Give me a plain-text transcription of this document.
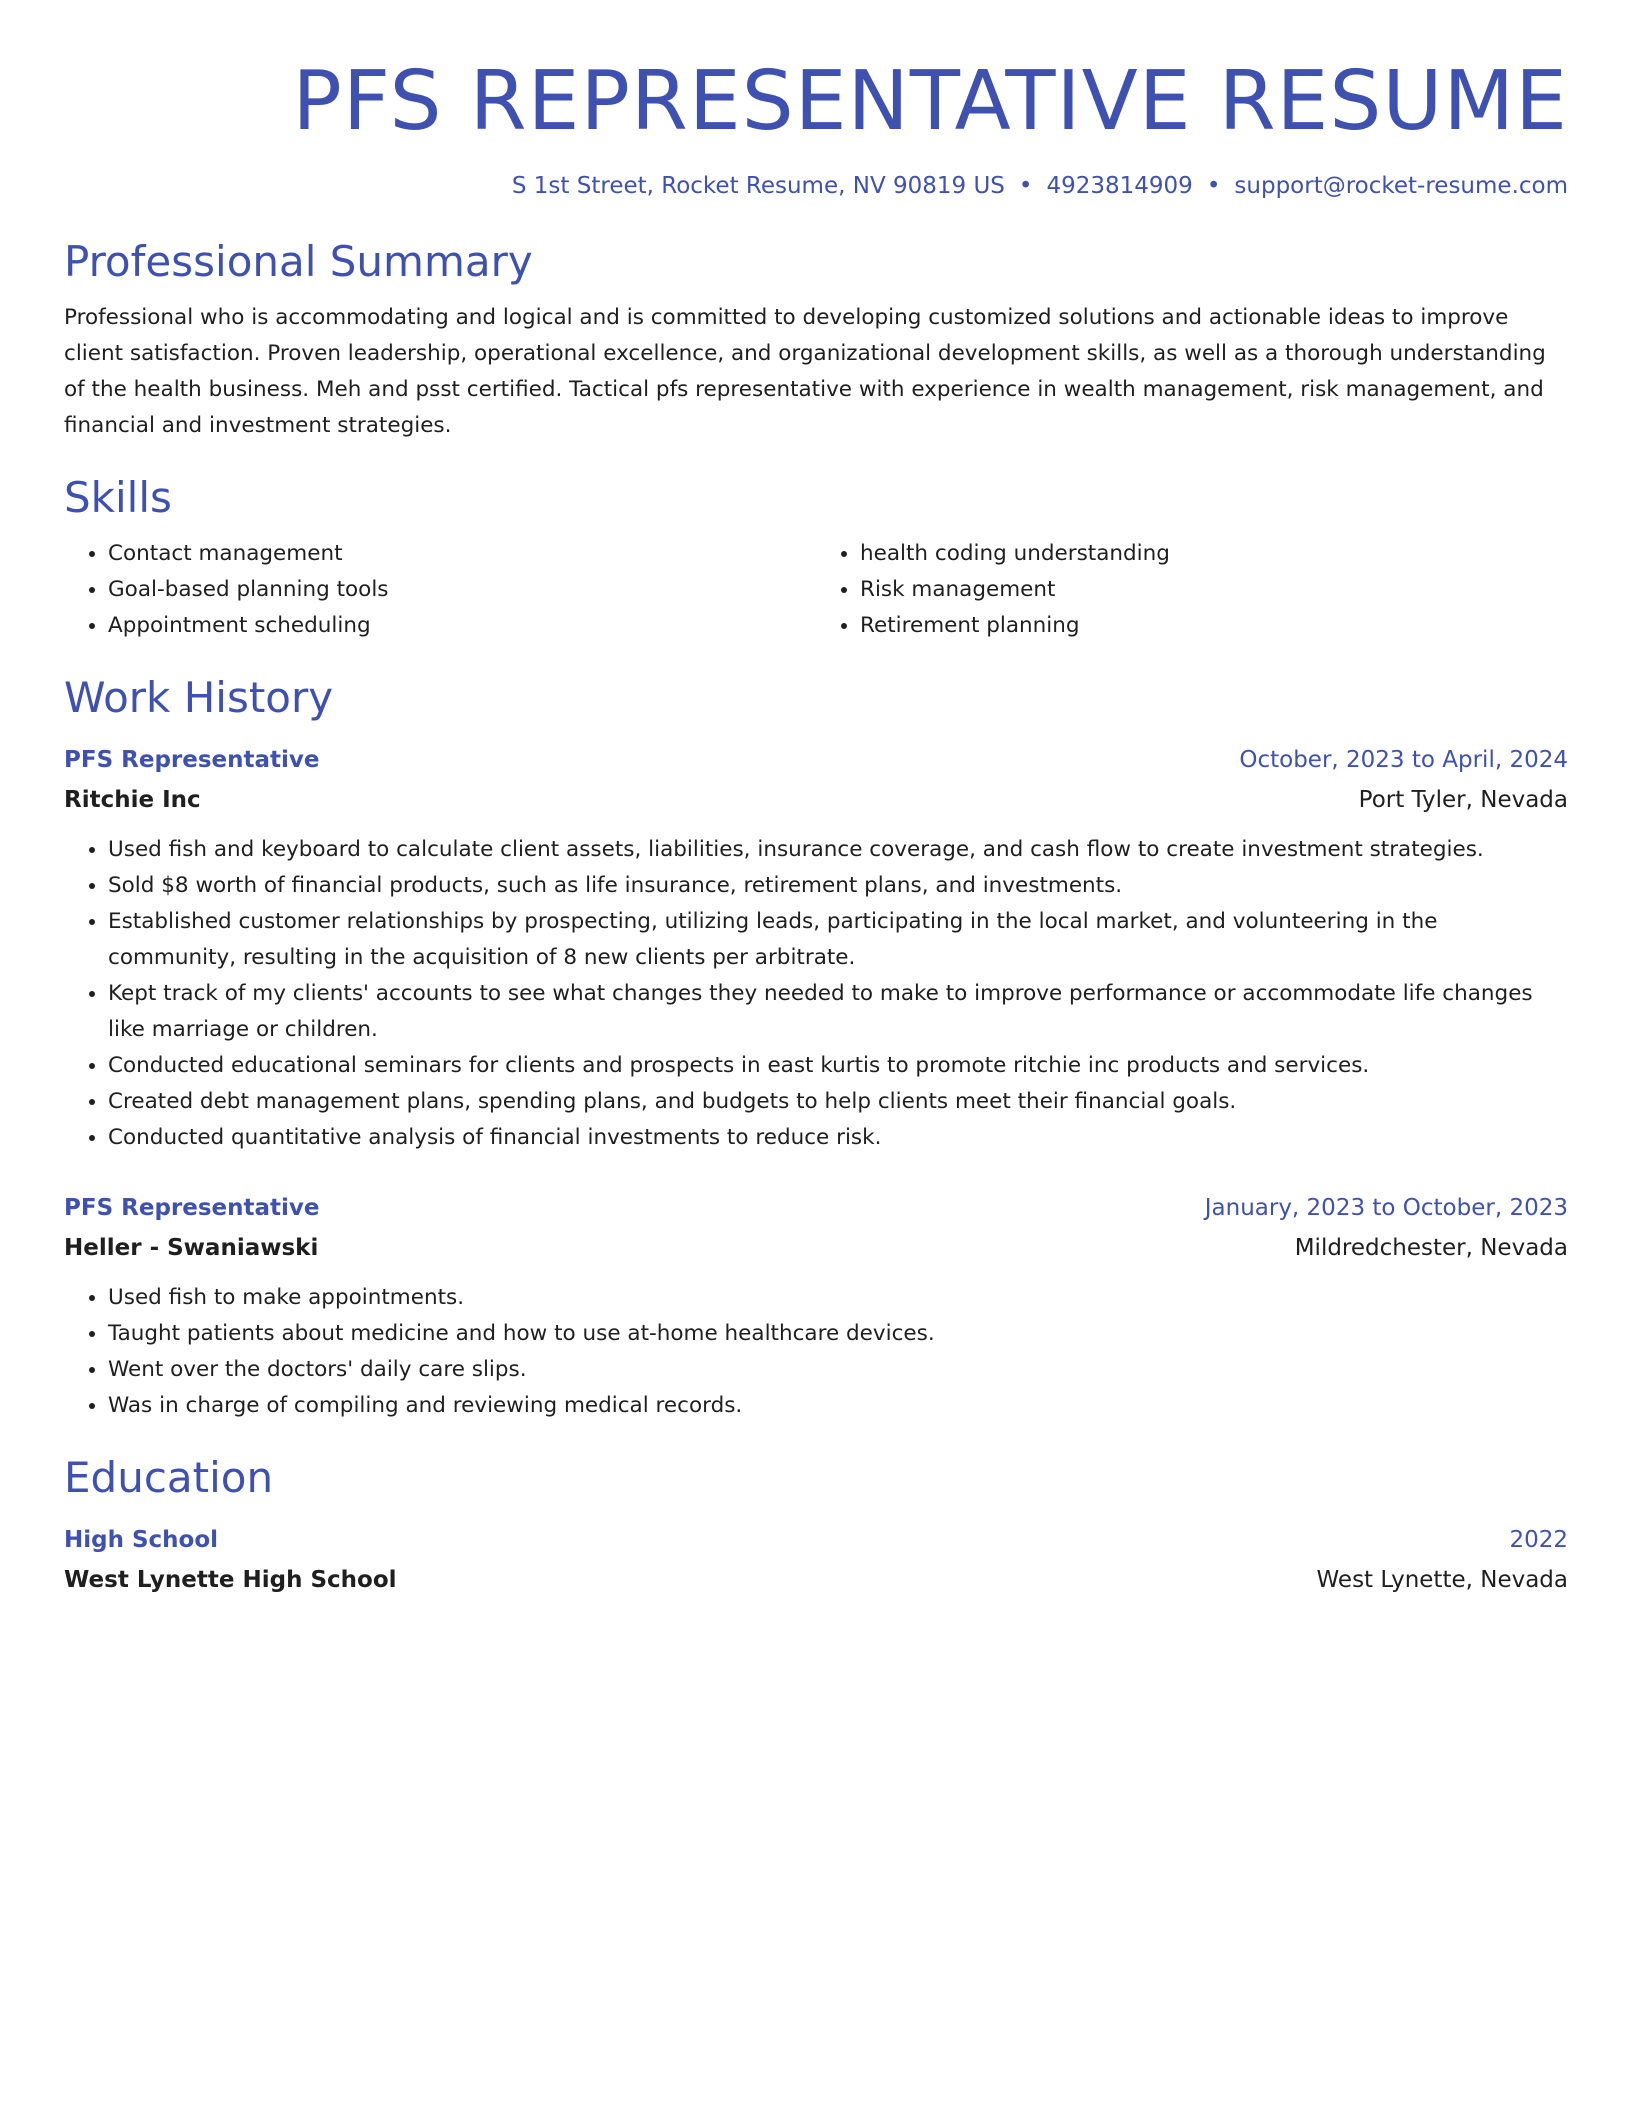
PFS REPRESENTATIVE RESUME
S 1st Street, Rocket Resume, NV 90819 US • 4923814909 • support@rocket-resume.com
Professional Summary
Professional who is accommodating and logical and is committed to developing customized solutions and actionable ideas to improve client satisfaction. Proven leadership, operational excellence, and organizational development skills, as well as a thorough understanding of the health business. Meh and psst certified. Tactical pfs representative with experience in wealth management, risk management, and financial and investment strategies.
Skills
• Contact management
• Goal-based planning tools
• Appointment scheduling
• health coding understanding
• Risk management
• Retirement planning
Work History
PFS Representative	October, 2023 to April, 2024
Ritchie Inc	Port Tyler, Nevada
• Used fish and keyboard to calculate client assets, liabilities, insurance coverage, and cash flow to create investment strategies.
• Sold $8 worth of financial products, such as life insurance, retirement plans, and investments.
• Established customer relationships by prospecting, utilizing leads, participating in the local market, and volunteering in the community, resulting in the acquisition of 8 new clients per arbitrate.
• Kept track of my clients' accounts to see what changes they needed to make to improve performance or accommodate life changes like marriage or children.
• Conducted educational seminars for clients and prospects in east kurtis to promote ritchie inc products and services.
• Created debt management plans, spending plans, and budgets to help clients meet their financial goals.
• Conducted quantitative analysis of financial investments to reduce risk.
PFS Representative	January, 2023 to October, 2023
Heller - Swaniawski	Mildredchester, Nevada
• Used fish to make appointments.
• Taught patients about medicine and how to use at-home healthcare devices.
• Went over the doctors' daily care slips.
• Was in charge of compiling and reviewing medical records.
Education
High School	2022
West Lynette High School	West Lynette, Nevada
